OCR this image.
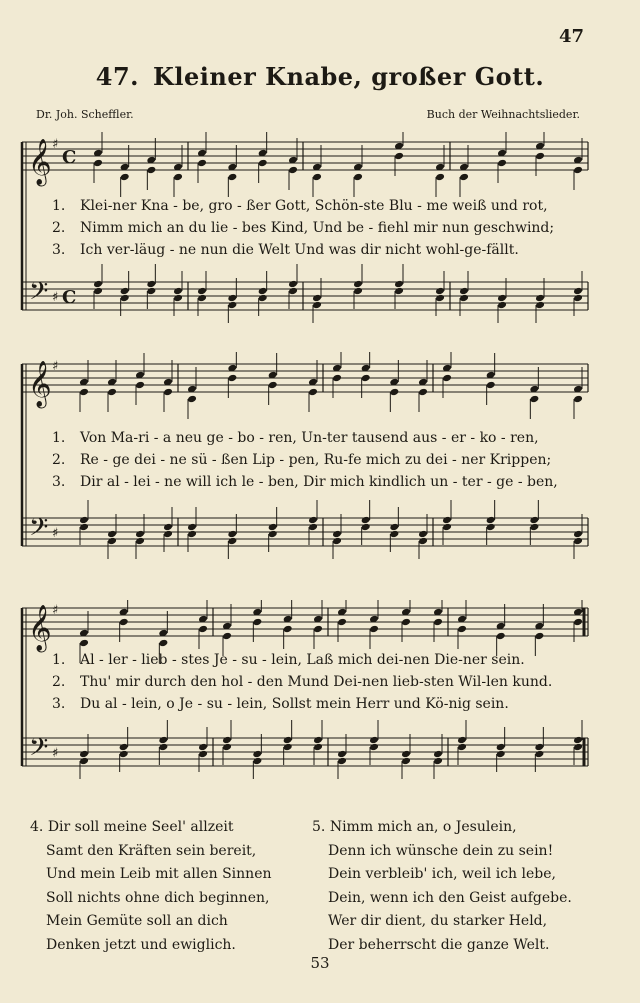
47
47. Kleiner Knabe, großer Gott.
Dr. Joh. Scheffler.	Buch der Weihnachtslieder.
𝄞
𝄢
♯
♯
C
C
1. Klei-ner Kna - be, gro - ßer Gott, Schön-ste Blu - me weiß und rot,
2. Nimm mich an du lie - bes Kind, Und be - fiehl mir nun geschwind;
3. Ich ver-läug - ne nun die Welt Und was dir nicht wohl-ge-fällt.
𝄞
𝄢
♯
♯
1. Von Ma-ri - a neu ge - bo - ren, Un-ter tausend aus - er - ko - ren,
2. Re - ge dei - ne sü - ßen Lip - pen, Ru-fe mich zu dei - ner Krippen;
3. Dir al - lei - ne will ich le - ben, Dir mich kindlich un - ter - ge - ben,
𝄞
𝄢
♯
♯
1. Al - ler - lieb - stes Je - su - lein, Laß mich dei-nen Die-ner sein.
2. Thu' mir durch den hol - den Mund Dei-nen lieb-sten Wil-len kund.
3. Du al - lein, o Je - su - lein, Sollst mein Herr und Kö-nig sein.
4. Dir soll meine Seel' allzeit
Samt den Kräften sein bereit,
Und mein Leib mit allen Sinnen
Soll nichts ohne dich beginnen,
Mein Gemüte soll an dich
Denken jetzt und ewiglich.
5. Nimm mich an, o Jesulein,
Denn ich wünsche dein zu sein!
Dein verbleib' ich, weil ich lebe,
Dein, wenn ich den Geist aufgebe.
Wer dir dient, du starker Held,
Der beherrscht die ganze Welt.
53
